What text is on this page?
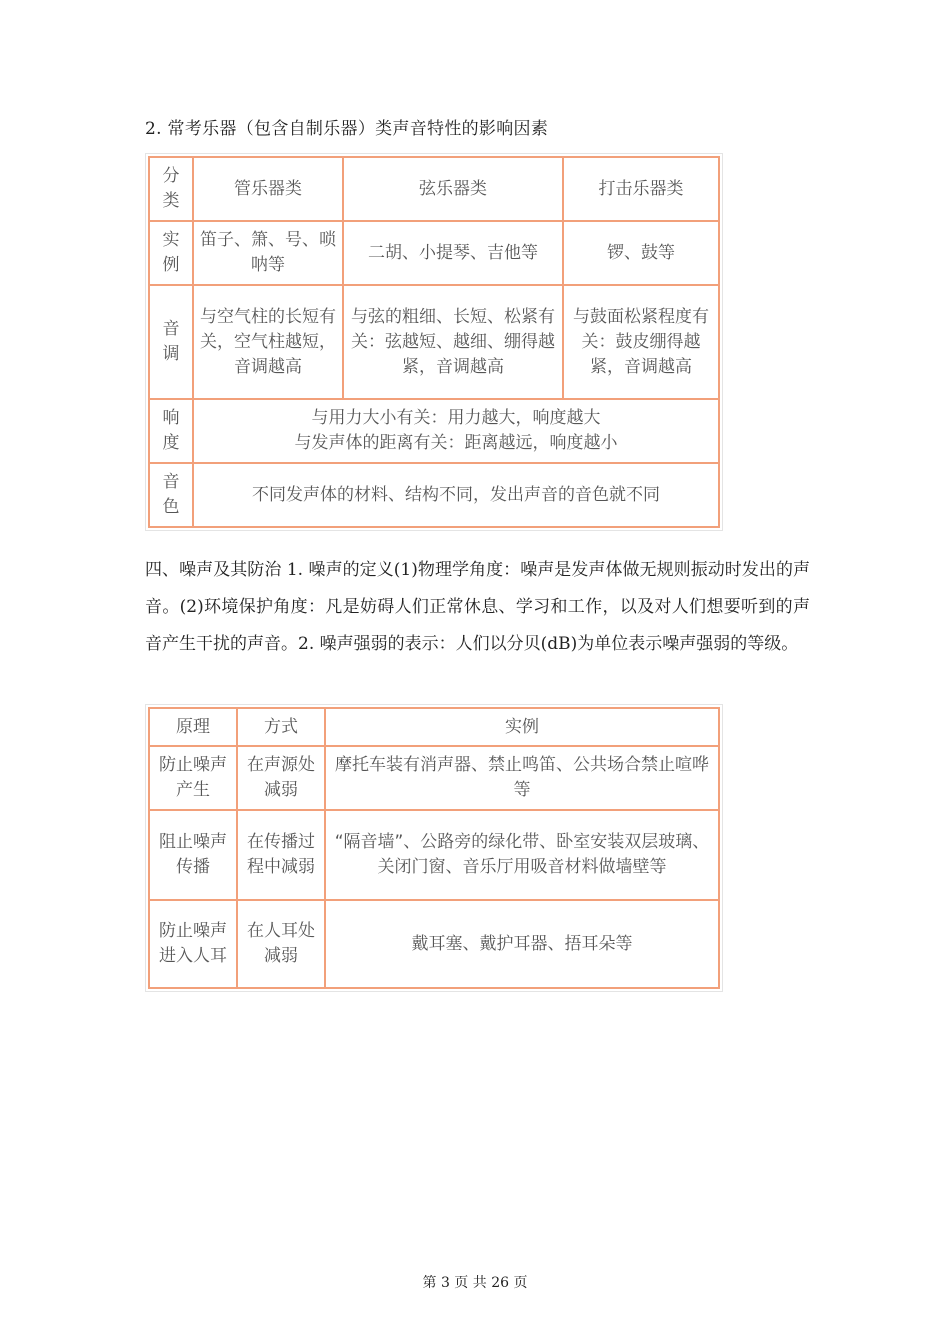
2. 常考乐器（包含自制乐器）类声音特性的影响因素
分类	管乐器类	弦乐器类	打击乐器类
实例	笛子、箫、号、唢呐等	二胡、小提琴、吉他等	锣、鼓等
音调	与空气柱的长短有关，空气柱越短，音调越高	与弦的粗细、长短、松紧有关：弦越短、越细、绷得越紧，音调越高	与鼓面松紧程度有关：鼓皮绷得越紧，音调越高
响度	与用力大小有关：用力越大，响度越大
与发声体的距离有关：距离越远，响度越小		

音色	不同发声体的材料、结构不同，发出声音的音色就不同		
四、噪声及其防治 1. 噪声的定义(1)物理学角度：噪声是发声体做无规则振动时发出的声音。(2)环境保护角度：凡是妨碍人们正常休息、学习和工作，以及对人们想要听到的声音产生干扰的声音。2. 噪声强弱的表示：人们以分贝(dB)为单位表示噪声强弱的等级。
原理	方式	实例
防止噪声产生	在声源处减弱	摩托车装有消声器、禁止鸣笛、公共场合禁止喧哗等
阻止噪声传播	在传播过程中减弱	“隔音墙”、公路旁的绿化带、卧室安装双层玻璃、关闭门窗、音乐厅用吸音材料做墙壁等
防止噪声进入人耳	在人耳处减弱	戴耳塞、戴护耳器、捂耳朵等
第 3 页 共 26 页
